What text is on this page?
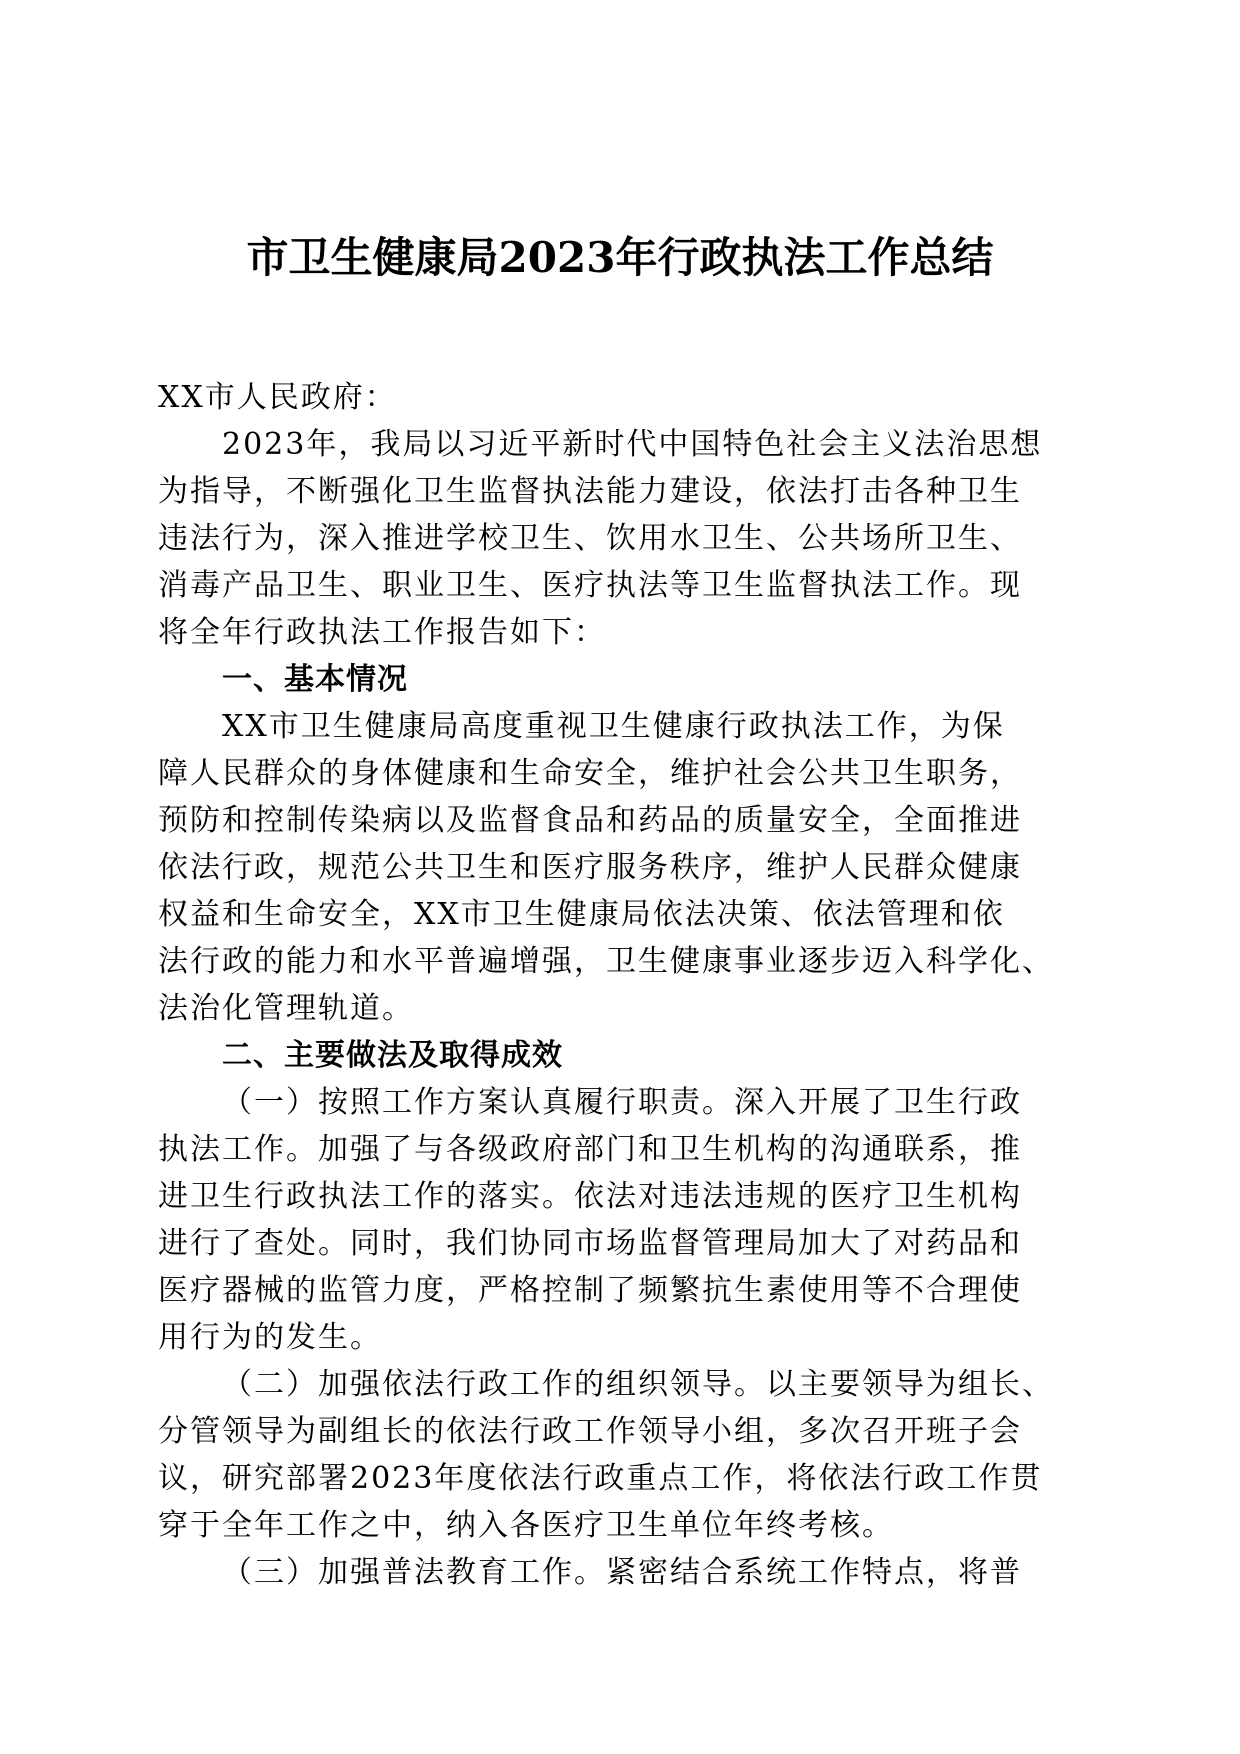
市卫生健康局2023年行政执法工作总结
XX市人民政府：
2023年，我局以习近平新时代中国特色社会主义法治思想
为指导，不断强化卫生监督执法能力建设，依法打击各种卫生
违法行为，深入推进学校卫生、饮用水卫生、公共场所卫生、
消毒产品卫生、职业卫生、医疗执法等卫生监督执法工作。现
将全年行政执法工作报告如下：
一、基本情况
XX市卫生健康局高度重视卫生健康行政执法工作，为保
障人民群众的身体健康和生命安全，维护社会公共卫生职务，
预防和控制传染病以及监督食品和药品的质量安全，全面推进
依法行政，规范公共卫生和医疗服务秩序，维护人民群众健康
权益和生命安全，XX市卫生健康局依法决策、依法管理和依
法行政的能力和水平普遍增强，卫生健康事业逐步迈入科学化、
法治化管理轨道。
二、主要做法及取得成效
（一）按照工作方案认真履行职责。深入开展了卫生行政
执法工作。加强了与各级政府部门和卫生机构的沟通联系，推
进卫生行政执法工作的落实。依法对违法违规的医疗卫生机构
进行了查处。同时，我们协同市场监督管理局加大了对药品和
医疗器械的监管力度，严格控制了频繁抗生素使用等不合理使
用行为的发生。
（二）加强依法行政工作的组织领导。以主要领导为组长、
分管领导为副组长的依法行政工作领导小组，多次召开班子会
议，研究部署2023年度依法行政重点工作，将依法行政工作贯
穿于全年工作之中，纳入各医疗卫生单位年终考核。
（三）加强普法教育工作。紧密结合系统工作特点，将普
